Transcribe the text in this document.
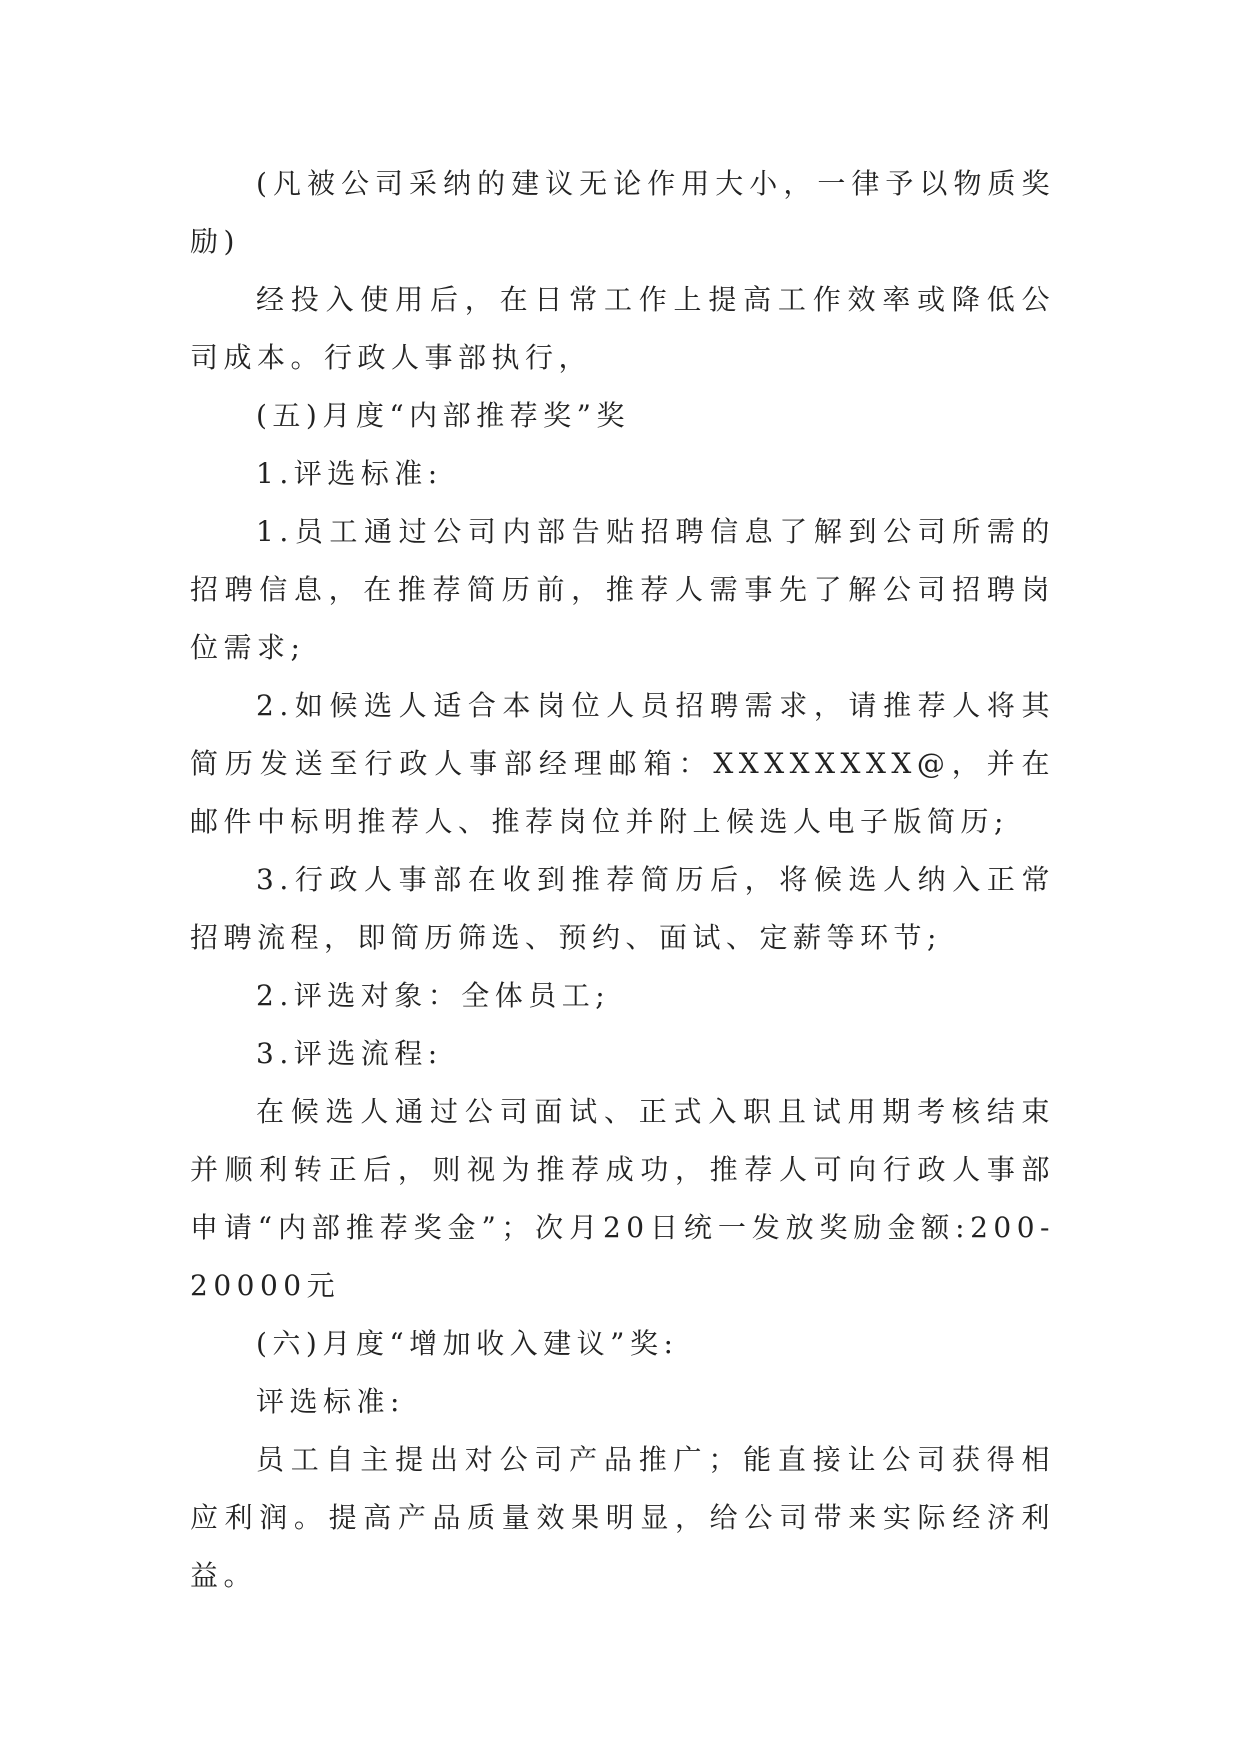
(凡被公司采纳的建议无论作用大小，一律予以物质奖励)

经投入使用后，在日常工作上提高工作效率或降低公司成本。行政人事部执行，

(五)月度“内部推荐奖”奖

1.评选标准:

1.员工通过公司内部告贴招聘信息了解到公司所需的招聘信息，在推荐简历前，推荐人需事先了解公司招聘岗位需求;

2.如候选人适合本岗位人员招聘需求，请推荐人将其简历发送至行政人事部经理邮箱：XXXXXXXX@，并在邮件中标明推荐人、推荐岗位并附上候选人电子版简历;

3.行政人事部在收到推荐简历后，将候选人纳入正常招聘流程，即简历筛选、预约、面试、定薪等环节;

2.评选对象：全体员工;

3.评选流程:

在候选人通过公司面试、正式入职且试用期考核结束并顺利转正后，则视为推荐成功，推荐人可向行政人事部申请“内部推荐奖金”；次月20日统一发放奖励金额:200-20000元

(六)月度“增加收入建议”奖:

评选标准:

员工自主提出对公司产品推广；能直接让公司获得相应利润。提高产品质量效果明显，给公司带来实际经济利益。
